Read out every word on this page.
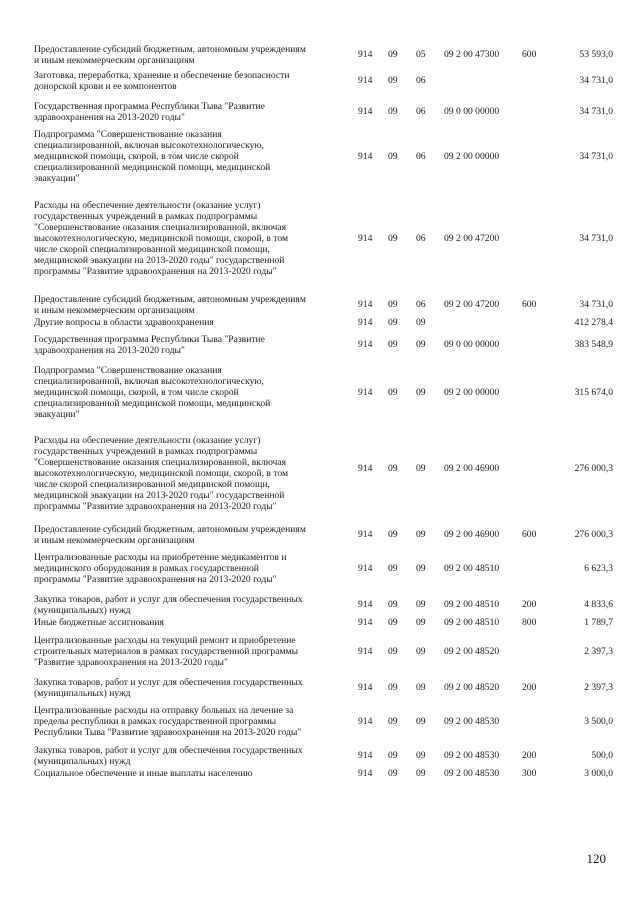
Предоставление субсидий бюджетным, автономным учреждениям
и иным некоммерческим организациям
914 09 05 09 2 00 47300 600	53 593,0
Заготовка, переработка, хранение и обеспечение безопасности
донорской крови и ее компонентов
914 09 06	34 731,0
Государственная программа Республики Тыва "Развитие
здравоохранения на 2013-2020 годы"
914 09 06 09 0 00 00000	34 731,0
Подпрограмма "Совершенствование оказания
специализированной, включая высокотехнологическую,
медицинской помощи, скорой, в том числе скорой
специализированной медицинской помощи, медицинской
эвакуации"
914 09 06 09 2 00 00000	34 731,0
Расходы на обеспечение деятельности (оказание услуг)
государственных учреждений в рамках подпрограммы
"Совершенствование оказания специализированной, включая
высокотехнологическую, медицинской помощи, скорой, в том
числе скорой специализированной медицинской помощи,
медицинской эвакуации на 2013-2020 годы" государственной
программы "Развитие здравоохранения на 2013-2020 годы"
914 09 06 09 2 00 47200	34 731,0
Предоставление субсидий бюджетным, автономным учреждениям
и иным некоммерческим организациям
914 09 06 09 2 00 47200 600	34 731,0
Другие вопросы в области здравоохранения	914 09 09	412 278,4
Государственная программа Республики Тыва "Развитие
здравоохранения на 2013-2020 годы"
914 09 09 09 0 00 00000	383 548,9
Подпрограмма "Совершенствование оказания
специализированной, включая высокотехнологическую,
медицинской помощи, скорой, в том числе скорой
специализированной медицинской помощи, медицинской
эвакуации"
914 09 09 09 2 00 00000	315 674,0
Расходы на обеспечение деятельности (оказание услуг)
государственных учреждений в рамках подпрограммы
"Совершенствование оказания специализированной, включая
высокотехнологическую, медицинской помощи, скорой, в том
числе скорой специализированной медицинской помощи,
медицинской эвакуации на 2013-2020 годы" государственной
программы "Развитие здравоохранения на 2013-2020 годы"
914 09 09 09 2 00 46900	276 000,3
Предоставление субсидий бюджетным, автономным учреждениям
и иным некоммерческим организациям
914 09 09 09 2 00 46900 600	276 000,3
Централизованные расходы на приобретение медикаментов и
медицинского оборудования в рамках государственной
программы "Развитие здравоохранения на 2013-2020 годы"
914 09 09 09 2 00 48510	6 623,3
Закупка товаров, работ и услуг для обеспечения государственных
(муниципальных) нужд
914 09 09 09 2 00 48510 200	4 833,6
Иные бюджетные ассигнования	914 09 09 09 2 00 48510 800	1 789,7
Централизованные расходы на текущий ремонт и приобретение
строительных материалов в рамках государственной программы
"Развитие здравоохранения на 2013-2020 годы"
914 09 09 09 2 00 48520	2 397,3
Закупка товаров, работ и услуг для обеспечения государственных
(муниципальных) нужд
914 09 09 09 2 00 48520 200	2 397,3
Централизованные расходы на отправку больных на лечение за
пределы республики в рамках государственной программы
Республики Тыва "Развитие здравоохранения на 2013-2020 годы"
914 09 09 09 2 00 48530	3 500,0
Закупка товаров, работ и услуг для обеспечения государственных
(муниципальных) нужд
914 09 09 09 2 00 48530 200	500,0
Социальное обеспечение и иные выплаты населению	914 09 09 09 2 00 48530 300	3 000,0
120
